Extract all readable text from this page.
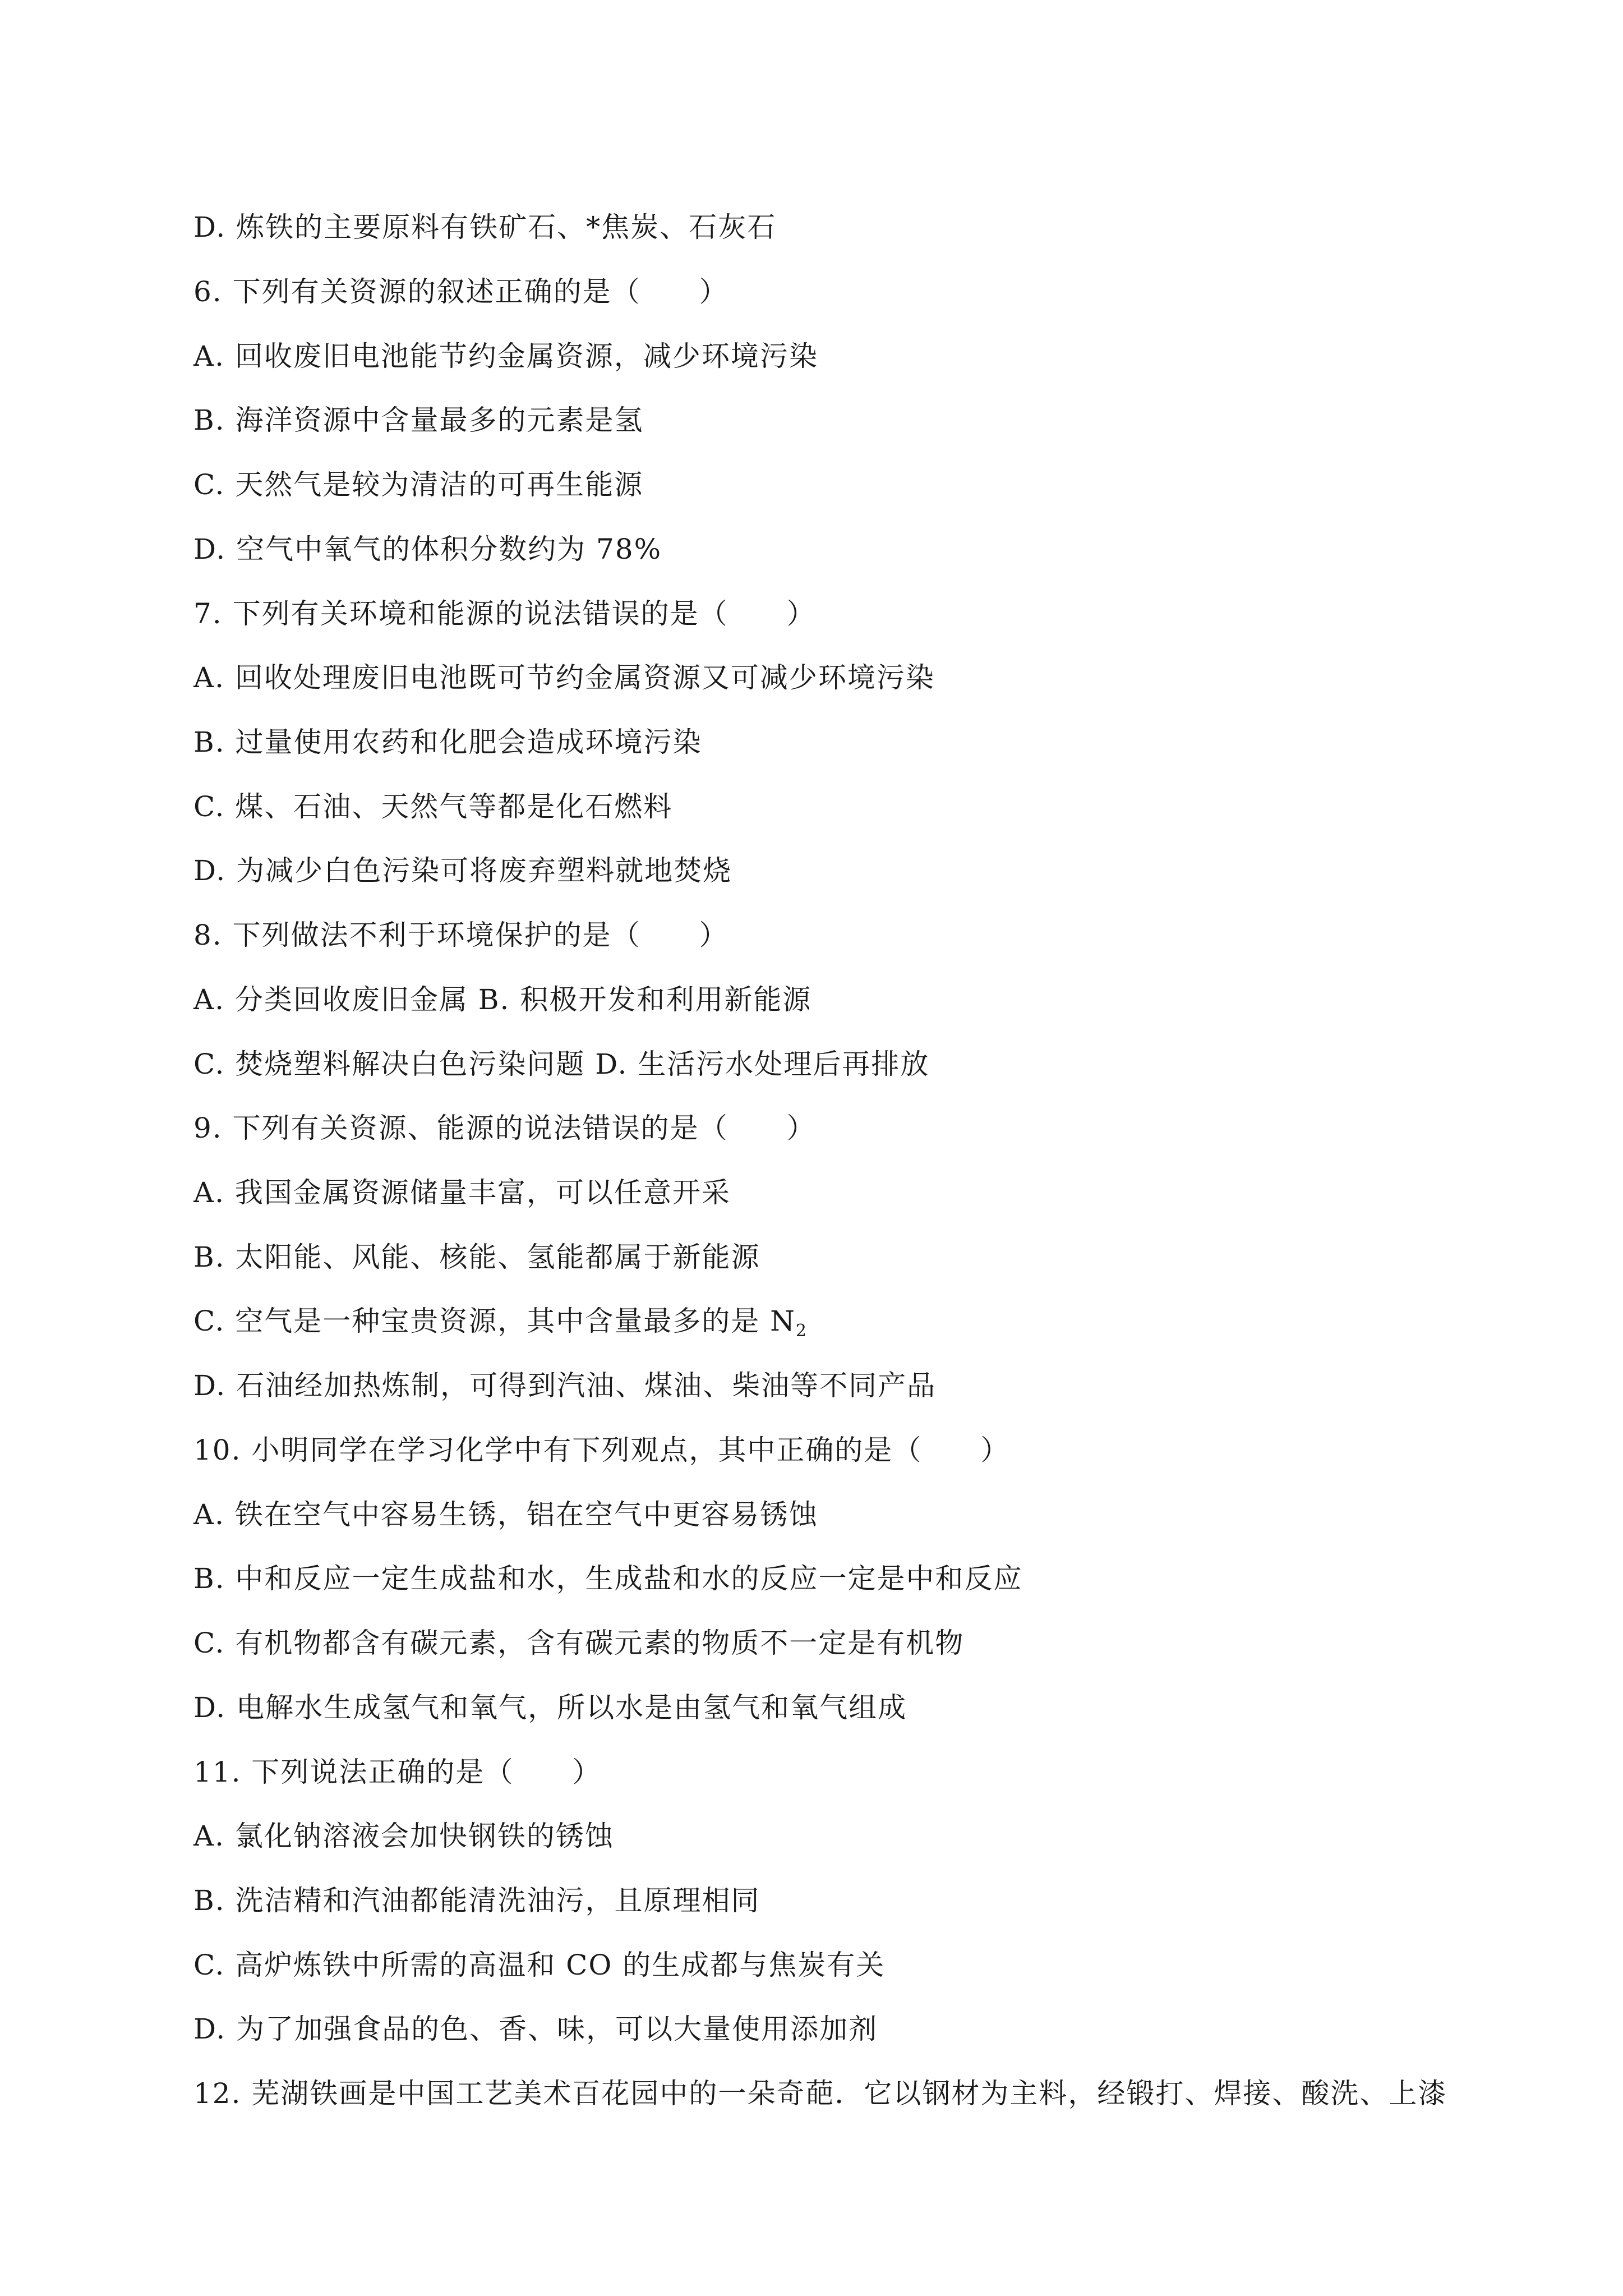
D. 炼铁的主要原料有铁矿石、*焦炭、石灰石
6. 下列有关资源的叙述正确的是（　　）
A. 回收废旧电池能节约金属资源，减少环境污染
B. 海洋资源中含量最多的元素是氢
C. 天然气是较为清洁的可再生能源
D. 空气中氧气的体积分数约为 78%
7. 下列有关环境和能源的说法错误的是（　　）
A. 回收处理废旧电池既可节约金属资源又可减少环境污染
B. 过量使用农药和化肥会造成环境污染
C. 煤、石油、天然气等都是化石燃料
D. 为减少白色污染可将废弃塑料就地焚烧
8. 下列做法不利于环境保护的是（　　）
A. 分类回收废旧金属 B. 积极开发和利用新能源
C. 焚烧塑料解决白色污染问题 D. 生活污水处理后再排放
9. 下列有关资源、能源的说法错误的是（　　）
A. 我国金属资源储量丰富，可以任意开采
B. 太阳能、风能、核能、氢能都属于新能源
C. 空气是一种宝贵资源，其中含量最多的是 $N_2$
D. 石油经加热炼制，可得到汽油、煤油、柴油等不同产品
10. 小明同学在学习化学中有下列观点，其中正确的是（　　）
A. 铁在空气中容易生锈，铝在空气中更容易锈蚀
B. 中和反应一定生成盐和水，生成盐和水的反应一定是中和反应
C. 有机物都含有碳元素，含有碳元素的物质不一定是有机物
D. 电解水生成氢气和氧气，所以水是由氢气和氧气组成
11. 下列说法正确的是（　　）
A. 氯化钠溶液会加快钢铁的锈蚀
B. 洗洁精和汽油都能清洗油污，且原理相同
C. 高炉炼铁中所需的高温和 CO 的生成都与焦炭有关
D. 为了加强食品的色、香、味，可以大量使用添加剂
12. 芜湖铁画是中国工艺美术百花园中的一朵奇葩．它以钢材为主料，经锻打、焊接、酸洗、上漆
